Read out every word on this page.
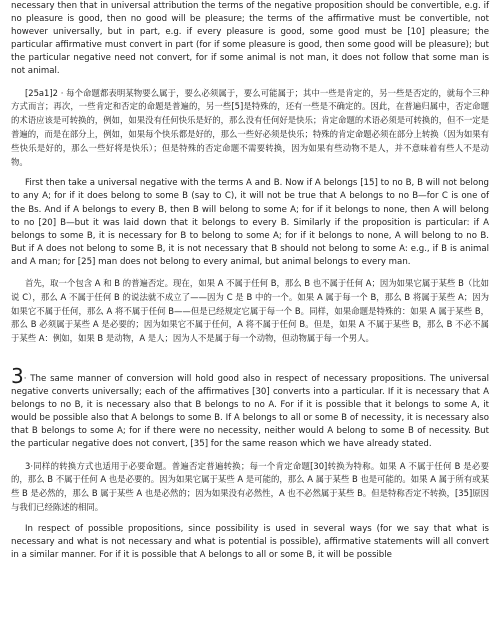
necessary then that in universal attribution the terms of the negative proposition should be convertible, e.g. if no pleasure is good, then no good will be pleasure; the terms of the affirmative must be convertible, not however universally, but in part, e.g. if every pleasure is good, some good must be [10] pleasure; the particular affirmative must convert in part (for if some pleasure is good, then some good will be pleasure); but the particular negative need not convert, for if some animal is not man, it does not follow that some man is not animal.

[25a1]2 · 每个命题都表明某物要么属于，要么必须属于，要么可能属于；其中一些是肯定的，另一些是否定的，就每个三种方式而言；再次，一些肯定和否定的命题是普遍的，另一些[5]是特殊的，还有一些是不确定的。因此，在普遍归属中，否定命题的术语应该是可转换的，例如，如果没有任何快乐是好的，那么没有任何好是快乐；肯定命题的术语必须是可转换的，但不一定是普遍的，而是在部分上，例如，如果每个快乐都是好的，那么一些好必须是快乐；特殊的肯定命题必须在部分上转换（因为如果有些快乐是好的，那么一些好将是快乐）；但是特殊的否定命题不需要转换，因为如果有些动物不是人，并不意味着有些人不是动物。

First then take a universal negative with the terms A and B. Now if A belongs [15] to no B, B will not belong to any A; for if it does belong to some B (say to C), it will not be true that A belongs to no B—for C is one of the Bs. And if A belongs to every B, then B will belong to some A; for if it belongs to none, then A will belong to no [20] B—but it was laid down that it belongs to every B. Similarly if the proposition is particular: if A belongs to some B, it is necessary for B to belong to some A; for if it belongs to none, A will belong to no B. But if A does not belong to some B, it is not necessary that B should not belong to some A: e.g., if B is animal and A man; for [25] man does not belong to every animal, but animal belongs to every man.

首先，取一个包含 A 和 B 的普遍否定。现在，如果 A 不属于任何 B，那么 B 也不属于任何 A；因为如果它属于某些 B（比如说 C），那么 A 不属于任何 B 的说法就不成立了——因为 C 是 B 中的一个。如果 A 属于每一个 B，那么 B 将属于某些 A；因为如果它不属于任何，那么 A 将不属于任何 B——但是已经规定它属于每一个 B。同样，如果命题是特殊的：如果 A 属于某些 B，那么 B 必须属于某些 A 是必要的；因为如果它不属于任何，A 将不属于任何 B。但是，如果 A 不属于某些 B，那么 B 不必不属于某些 A：例如，如果 B 是动物，A 是人；因为人不是属于每一个动物，但动物属于每一个男人。

3· The same manner of conversion will hold good also in respect of necessary propositions. The universal negative converts universally; each of the affirmatives [30] converts into a particular. If it is necessary that A belongs to no B, it is necessary also that B belongs to no A. For if it is possible that it belongs to some A, it would be possible also that A belongs to some B. If A belongs to all or some B of necessity, it is necessary also that B belongs to some A; for if there were no necessity, neither would A belong to some B of necessity. But the particular negative does not convert, [35] for the same reason which we have already stated.

3·同样的转换方式也适用于必要命题。普遍否定普遍转换；每一个肯定命题[30]转换为特称。如果 A 不属于任何 B 是必要的，那么 B 不属于任何 A 也是必要的。因为如果它属于某些 A 是可能的，那么 A 属于某些 B 也是可能的。如果 A 属于所有或某些 B 是必然的，那么 B 属于某些 A 也是必然的；因为如果没有必然性，A 也不必然属于某些 B。但是特称否定不转换，[35]原因与我们已经陈述的相同。

In respect of possible propositions, since possibility is used in several ways (for we say that what is necessary and what is not necessary and what is potential is possible), affirmative statements will all convert in a similar manner. For if it is possible that A belongs to all or some B, it will be possible
